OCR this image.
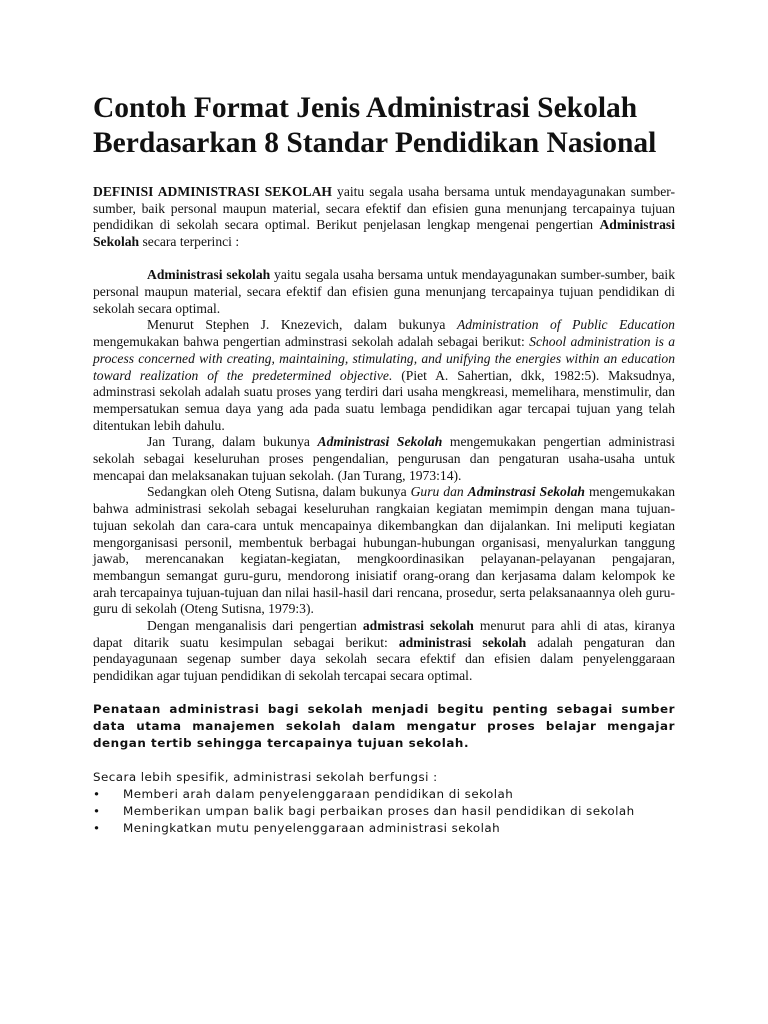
Contoh Format Jenis Administrasi Sekolah Berdasarkan 8 Standar Pendidikan Nasional

DEFINISI ADMINISTRASI SEKOLAH yaitu segala usaha bersama untuk mendayagunakan sumber-sumber, baik personal maupun material, secara efektif dan efisien guna menunjang tercapainya tujuan pendidikan di sekolah secara optimal. Berikut penjelasan lengkap mengenai pengertian Administrasi Sekolah secara terperinci :

Administrasi sekolah yaitu segala usaha bersama untuk mendayagunakan sumber-sumber, baik personal maupun material, secara efektif dan efisien guna menunjang tercapainya tujuan pendidikan di sekolah secara optimal.

Menurut Stephen J. Knezevich, dalam bukunya Administration of Public Education mengemukakan bahwa pengertian adminstrasi sekolah adalah sebagai berikut: School administration is a process concerned with creating, maintaining, stimulating, and unifying the energies within an education toward realization of the predetermined objective. (Piet A. Sahertian, dkk, 1982:5). Maksudnya, adminstrasi sekolah adalah suatu proses yang terdiri dari usaha mengkreasi, memelihara, menstimulir, dan mempersatukan semua daya yang ada pada suatu lembaga pendidikan agar tercapai tujuan yang telah ditentukan lebih dahulu.

Jan Turang, dalam bukunya Administrasi Sekolah mengemukakan pengertian administrasi sekolah sebagai keseluruhan proses pengendalian, pengurusan dan pengaturan usaha-usaha untuk mencapai dan melaksanakan tujuan sekolah. (Jan Turang, 1973:14).

Sedangkan oleh Oteng Sutisna, dalam bukunya Guru dan Adminstrasi Sekolah mengemukakan bahwa administrasi sekolah sebagai keseluruhan rangkaian kegiatan memimpin dengan mana tujuan-tujuan sekolah dan cara-cara untuk mencapainya dikembangkan dan dijalankan. Ini meliputi kegiatan mengorganisasi personil, membentuk berbagai hubungan-hubungan organisasi, menyalurkan tanggung jawab, merencanakan kegiatan-kegiatan, mengkoordinasikan pelayanan-pelayanan pengajaran, membangun semangat guru-guru, mendorong inisiatif orang-orang dan kerjasama dalam kelompok ke arah tercapainya tujuan-tujuan dan nilai hasil-hasil dari rencana, prosedur, serta pelaksanaannya oleh guru-guru di sekolah (Oteng Sutisna, 1979:3).

Dengan menganalisis dari pengertian admistrasi sekolah menurut para ahli di atas, kiranya dapat ditarik suatu kesimpulan sebagai berikut: administrasi sekolah adalah pengaturan dan pendayagunaan segenap sumber daya sekolah secara efektif dan efisien dalam penyelenggaraan pendidikan agar tujuan pendidikan di sekolah tercapai secara optimal.

Penataan administrasi bagi sekolah menjadi begitu penting sebagai sumber data utama manajemen sekolah dalam mengatur proses belajar mengajar dengan tertib sehingga tercapainya tujuan sekolah.

Secara lebih spesifik, administrasi sekolah berfungsi :

• Memberi arah dalam penyelenggaraan pendidikan di sekolah
• Memberikan umpan balik bagi perbaikan proses dan hasil pendidikan di sekolah
• Meningkatkan mutu penyelenggaraan administrasi sekolah
